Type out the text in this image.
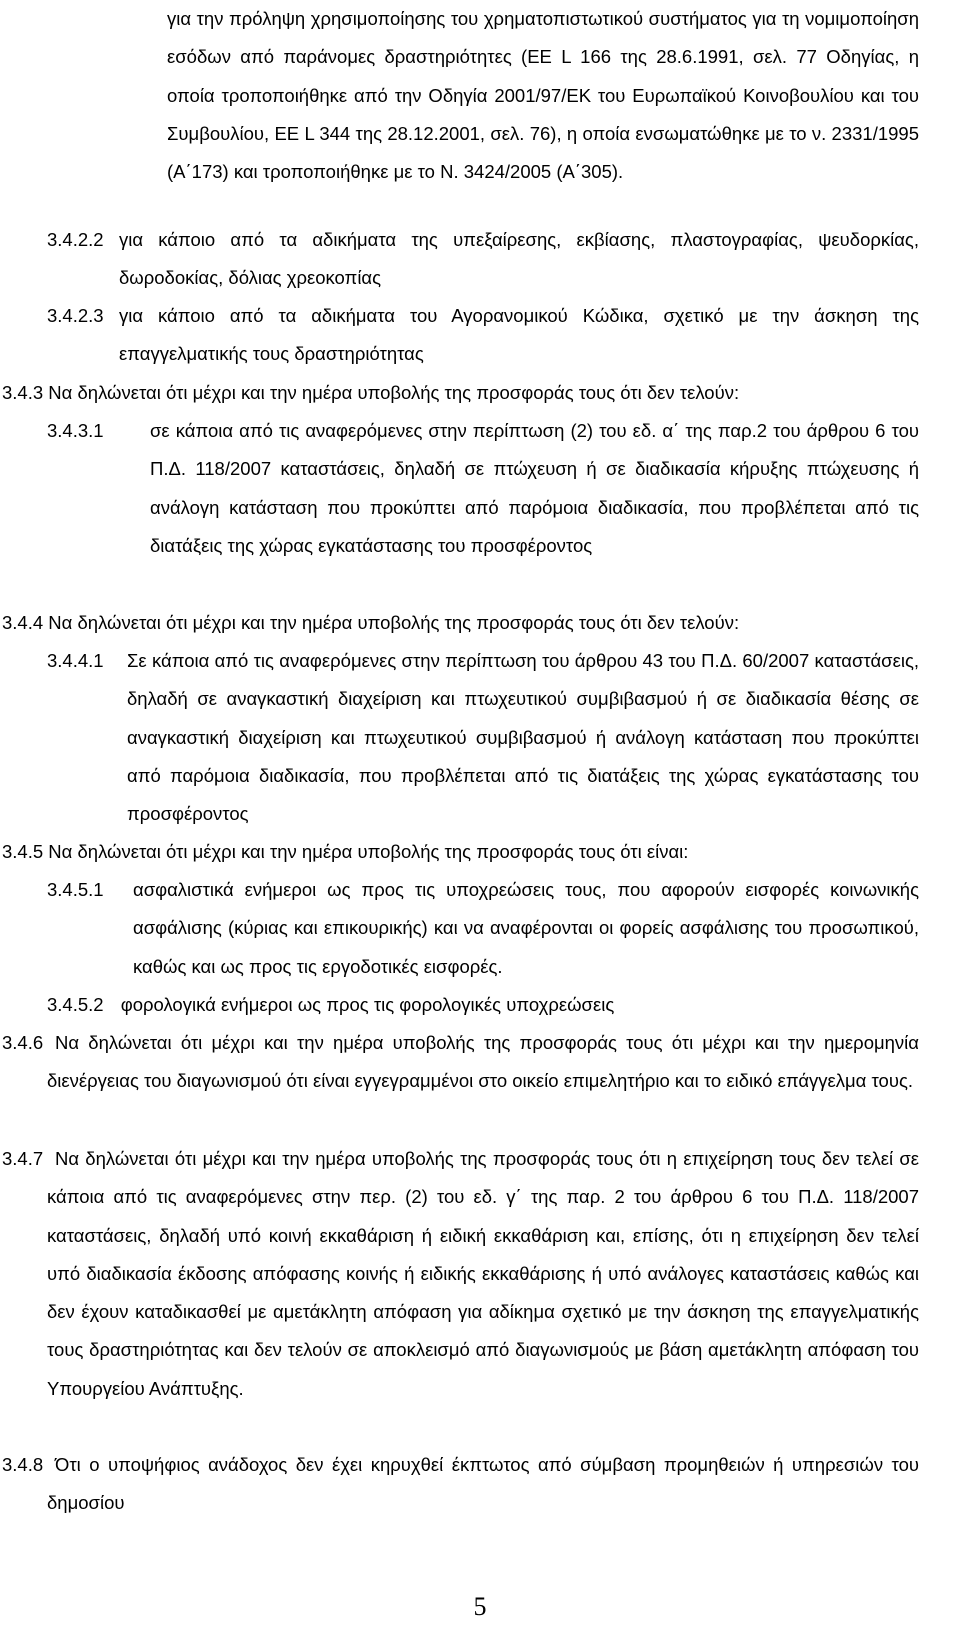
για την πρόληψη χρησιμοποίησης του χρηματοπιστωτικού συστήματος για τη νομιμοποίηση εσόδων από παράνομες δραστηριότητες (ΕΕ L 166 της 28.6.1991, σελ. 77 Οδηγίας, η οποία τροποποιήθηκε από την Οδηγία 2001/97/ΕΚ του Ευρωπαϊκού Κοινοβουλίου και του Συμβουλίου, ΕΕ L 344 της 28.12.2001, σελ. 76), η οποία ενσωματώθηκε με το ν. 2331/1995 (Α΄173) και τροποποιήθηκε με το Ν. 3424/2005 (Α΄305).

3.4.2.2 για κάποιο από τα αδικήματα της υπεξαίρεσης, εκβίασης, πλαστογραφίας, ψευδορκίας, δωροδοκίας, δόλιας χρεοκοπίας

3.4.2.3 για κάποιο από τα αδικήματα του Αγορανομικού Κώδικα, σχετικό με την άσκηση της επαγγελματικής τους δραστηριότητας

3.4.3 Να δηλώνεται ότι μέχρι και την ημέρα υποβολής της προσφοράς τους ότι δεν τελούν:

3.4.3.1	σε κάποια από τις αναφερόμενες στην περίπτωση (2) του εδ. α΄ της παρ.2 του άρθρου 6 του Π.Δ. 118/2007 καταστάσεις, δηλαδή σε πτώχευση ή σε διαδικασία κήρυξης πτώχευσης ή ανάλογη κατάσταση που προκύπτει από παρόμοια διαδικασία, που προβλέπεται από τις διατάξεις της χώρας εγκατάστασης του προσφέροντος

3.4.4 Να δηλώνεται ότι μέχρι και την ημέρα υποβολής της προσφοράς τους ότι δεν τελούν:

3.4.4.1	Σε κάποια από τις αναφερόμενες στην περίπτωση του άρθρου 43 του Π.Δ. 60/2007 καταστάσεις, δηλαδή σε αναγκαστική διαχείριση και πτωχευτικού συμβιβασμού ή σε διαδικασία θέσης σε αναγκαστική διαχείριση και πτωχευτικού συμβιβασμού ή ανάλογη κατάσταση που προκύπτει από παρόμοια διαδικασία, που προβλέπεται από τις διατάξεις της χώρας εγκατάστασης του προσφέροντος

3.4.5 Να δηλώνεται ότι μέχρι και την ημέρα υποβολής της προσφοράς τους ότι είναι:

3.4.5.1	ασφαλιστικά ενήμεροι ως προς τις υποχρεώσεις τους, που αφορούν εισφορές κοινωνικής ασφάλισης (κύριας και επικουρικής) και να αναφέρονται οι φορείς ασφάλισης του προσωπικού, καθώς και ως προς τις εργοδοτικές εισφορές.

3.4.5.2 φορολογικά ενήμεροι ως προς τις φορολογικές υποχρεώσεις

3.4.6 Να δηλώνεται ότι μέχρι και την ημέρα υποβολής της προσφοράς τους ότι μέχρι και την ημερομηνία διενέργειας του διαγωνισμού ότι είναι εγγεγραμμένοι στο οικείο επιμελητήριο και το ειδικό επάγγελμα τους.

3.4.7 Να δηλώνεται ότι μέχρι και την ημέρα υποβολής της προσφοράς τους ότι η επιχείρηση τους δεν τελεί σε κάποια από τις αναφερόμενες στην περ. (2) του εδ. γ΄ της παρ. 2 του άρθρου 6 του Π.Δ. 118/2007 καταστάσεις, δηλαδή υπό κοινή εκκαθάριση ή ειδική εκκαθάριση και, επίσης, ότι η επιχείρηση δεν τελεί υπό διαδικασία έκδοσης απόφασης κοινής ή ειδικής εκκαθάρισης ή υπό ανάλογες καταστάσεις καθώς και δεν έχουν καταδικασθεί με αμετάκλητη απόφαση για αδίκημα σχετικό με την άσκηση της επαγγελματικής τους δραστηριότητας και δεν τελούν σε αποκλεισμό από διαγωνισμούς με βάση αμετάκλητη απόφαση του Υπουργείου Ανάπτυξης.

3.4.8 Ότι ο υποψήφιος ανάδοχος δεν έχει κηρυχθεί έκπτωτος από σύμβαση προμηθειών ή υπηρεσιών του δημοσίου

5
